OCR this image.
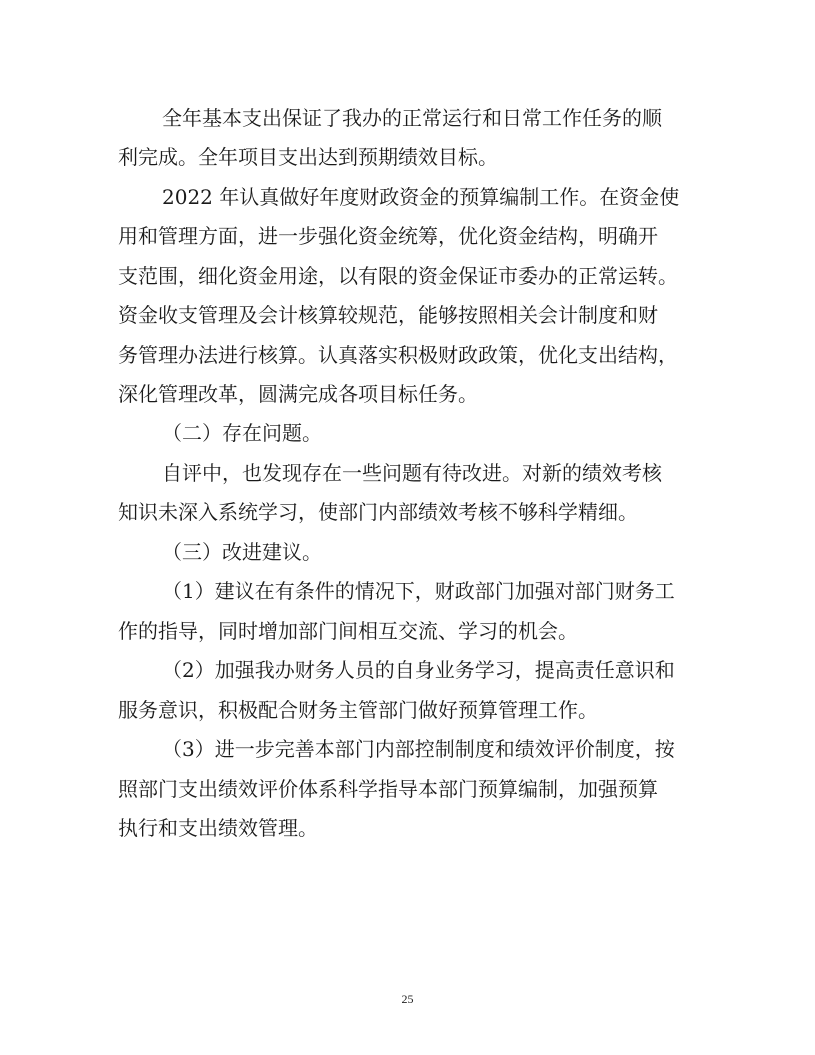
全年基本支出保证了我办的正常运行和日常工作任务的顺
利完成。全年项目支出达到预期绩效目标。
2022 年认真做好年度财政资金的预算编制工作。在资金使
用和管理方面，进一步强化资金统筹，优化资金结构，明确开
支范围，细化资金用途，以有限的资金保证市委办的正常运转。
资金收支管理及会计核算较规范，能够按照相关会计制度和财
务管理办法进行核算。认真落实积极财政政策，优化支出结构，
深化管理改革，圆满完成各项目标任务。
（二）存在问题。
自评中，也发现存在一些问题有待改进。对新的绩效考核
知识未深入系统学习，使部门内部绩效考核不够科学精细。
（三）改进建议。
（1）建议在有条件的情况下，财政部门加强对部门财务工
作的指导，同时增加部门间相互交流、学习的机会。
（2）加强我办财务人员的自身业务学习，提高责任意识和
服务意识，积极配合财务主管部门做好预算管理工作。
（3）进一步完善本部门内部控制制度和绩效评价制度，按
照部门支出绩效评价体系科学指导本部门预算编制，加强预算
执行和支出绩效管理。
25
